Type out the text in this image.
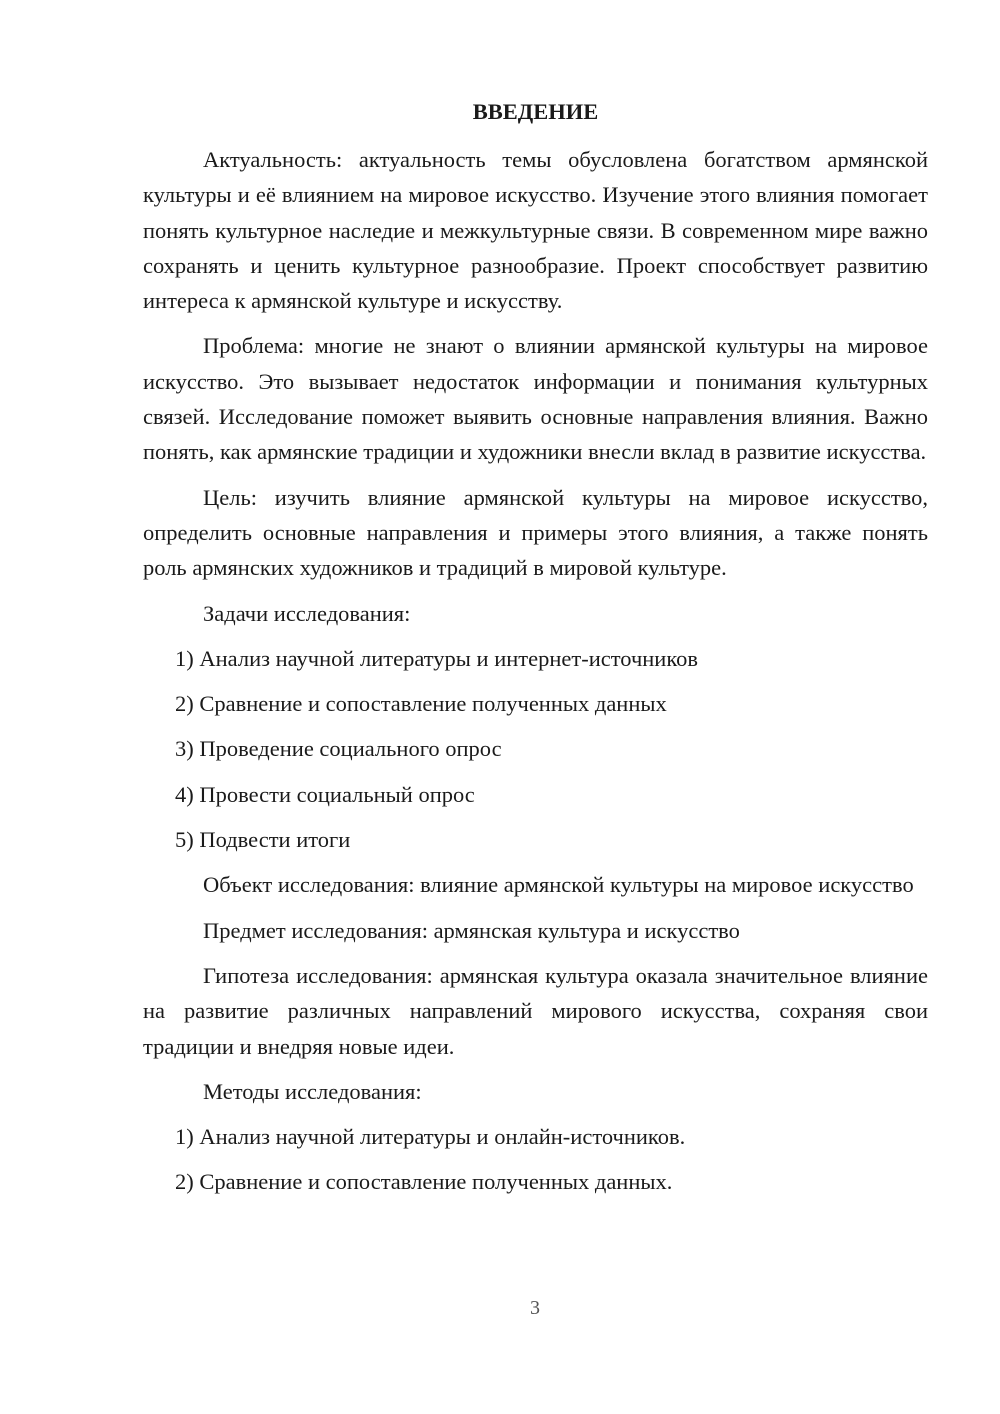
ВВЕДЕНИЕ

Актуальность: актуальность темы обусловлена богатством армянской культуры и её влиянием на мировое искусство. Изучение этого влияния помогает понять культурное наследие и межкультурные связи. В современном мире важно сохранять и ценить культурное разнообразие. Проект способствует развитию интереса к армянской культуре и искусству.

Проблема: многие не знают о влиянии армянской культуры на мировое искусство. Это вызывает недостаток информации и понимания культурных связей. Исследование поможет выявить основные направления влияния. Важно понять, как армянские традиции и художники внесли вклад в развитие искусства.

Цель: изучить влияние армянской культуры на мировое искусство, определить основные направления и примеры этого влияния, а также понять роль армянских художников и традиций в мировой культуре.

Задачи исследования:

1) Анализ научной литературы и интернет-источников

2) Сравнение и сопоставление полученных данных

3) Проведение социального опрос

4) Провести социальный опрос

5) Подвести итоги

Объект исследования: влияние армянской культуры на мировое искусство

Предмет исследования: армянская культура и искусство

Гипотеза исследования: армянская культура оказала значительное влияние на развитие различных направлений мирового искусства, сохраняя свои традиции и внедряя новые идеи.

Методы исследования:

1) Анализ научной литературы и онлайн-источников.

2) Сравнение и сопоставление полученных данных.

3
